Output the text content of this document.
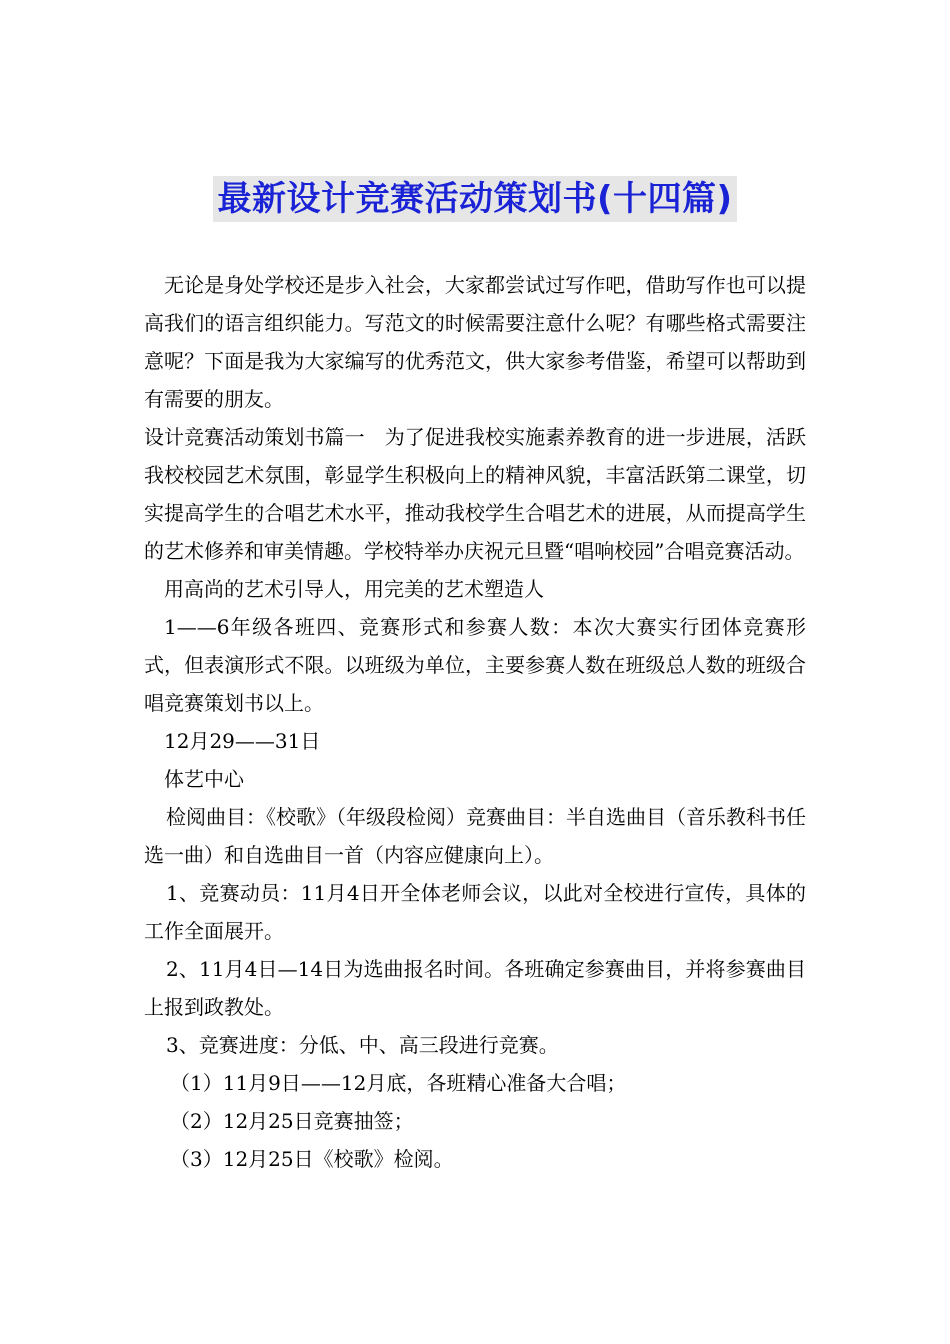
最新设计竞赛活动策划书(十四篇)

无论是身处学校还是步入社会，大家都尝试过写作吧，借助写作也可以提高我们的语言组织能力。写范文的时候需要注意什么呢？有哪些格式需要注意呢？下面是我为大家编写的优秀范文，供大家参考借鉴，希望可以帮助到有需要的朋友。

设计竞赛活动策划书篇一　为了促进我校实施素养教育的进一步进展，活跃我校校园艺术氛围，彰显学生积极向上的精神风貌，丰富活跃第二课堂，切实提高学生的合唱艺术水平，推动我校学生合唱艺术的进展，从而提高学生的艺术修养和审美情趣。学校特举办庆祝元旦暨“唱响校园”合唱竞赛活动。

用高尚的艺术引导人，用完美的艺术塑造人

1——6年级各班四、竞赛形式和参赛人数：本次大赛实行团体竞赛形式，但表演形式不限。以班级为单位，主要参赛人数在班级总人数的班级合唱竞赛策划书以上。

12月29——31日

体艺中心

检阅曲目：《校歌》（年级段检阅）竞赛曲目：半自选曲目（音乐教科书任选一曲）和自选曲目一首（内容应健康向上）。

1、竞赛动员：11月4日开全体老师会议，以此对全校进行宣传，具体的工作全面展开。

2、11月4日—14日为选曲报名时间。各班确定参赛曲目，并将参赛曲目上报到政教处。

3、竞赛进度：分低、中、高三段进行竞赛。

（1）11月9日——12月底，各班精心准备大合唱；

（2）12月25日竞赛抽签；

（3）12月25日《校歌》检阅。
